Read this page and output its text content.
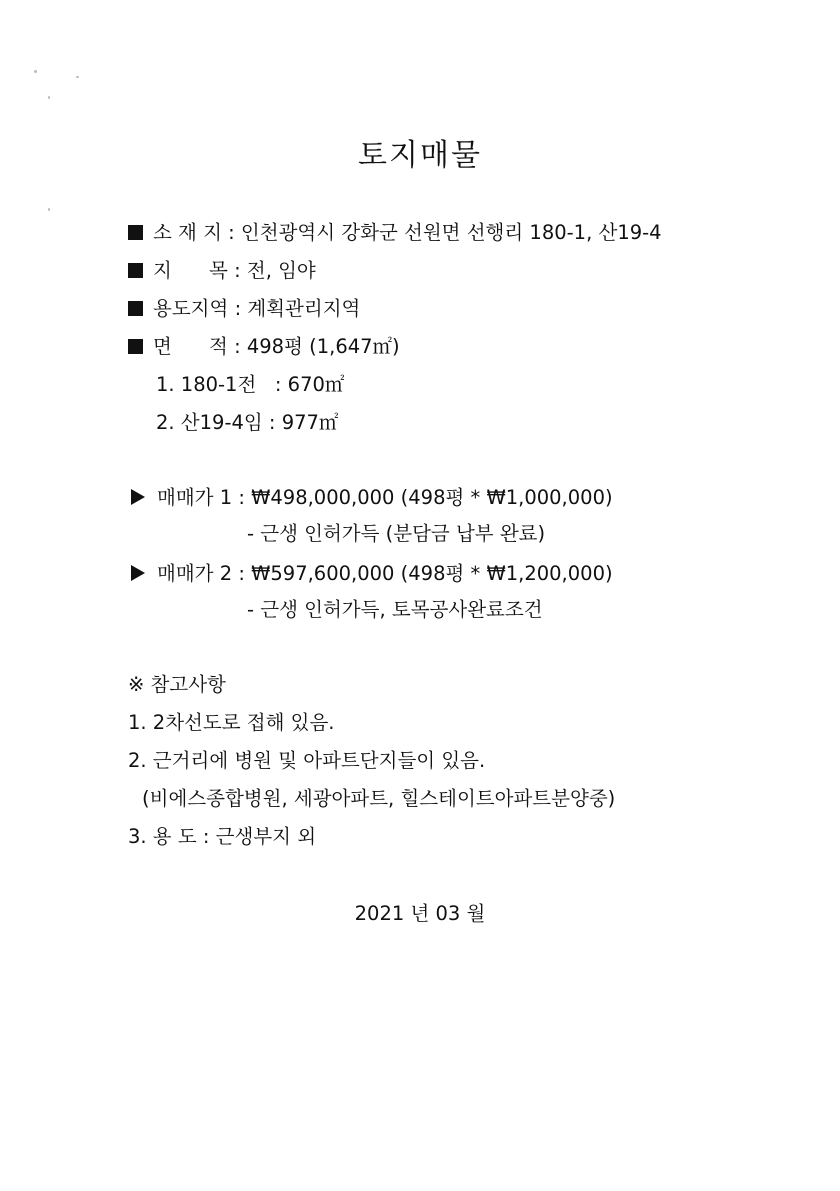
토지매물
소 재 지 : 인천광역시 강화군 선원면 선행리 180-1, 산19-4
지      목 : 전, 임야
용도지역 : 계획관리지역
면      적 : 498평 (1,647㎡)
1. 180-1전   : 670㎡
2. 산19-4임 : 977㎡
매매가 1 : ₩498,000,000 (498평 * ₩1,000,000)
- 근생 인허가득 (분담금 납부 완료)
매매가 2 : ₩597,600,000 (498평 * ₩1,200,000)
- 근생 인허가득, 토목공사완료조건
※ 참고사항
1. 2차선도로 접해 있음.
2. 근거리에 병원 및 아파트단지들이 있음.
(비에스종합병원, 세광아파트, 힐스테이트아파트분양중)
3. 용 도 : 근생부지 외
2021 년 03 월
